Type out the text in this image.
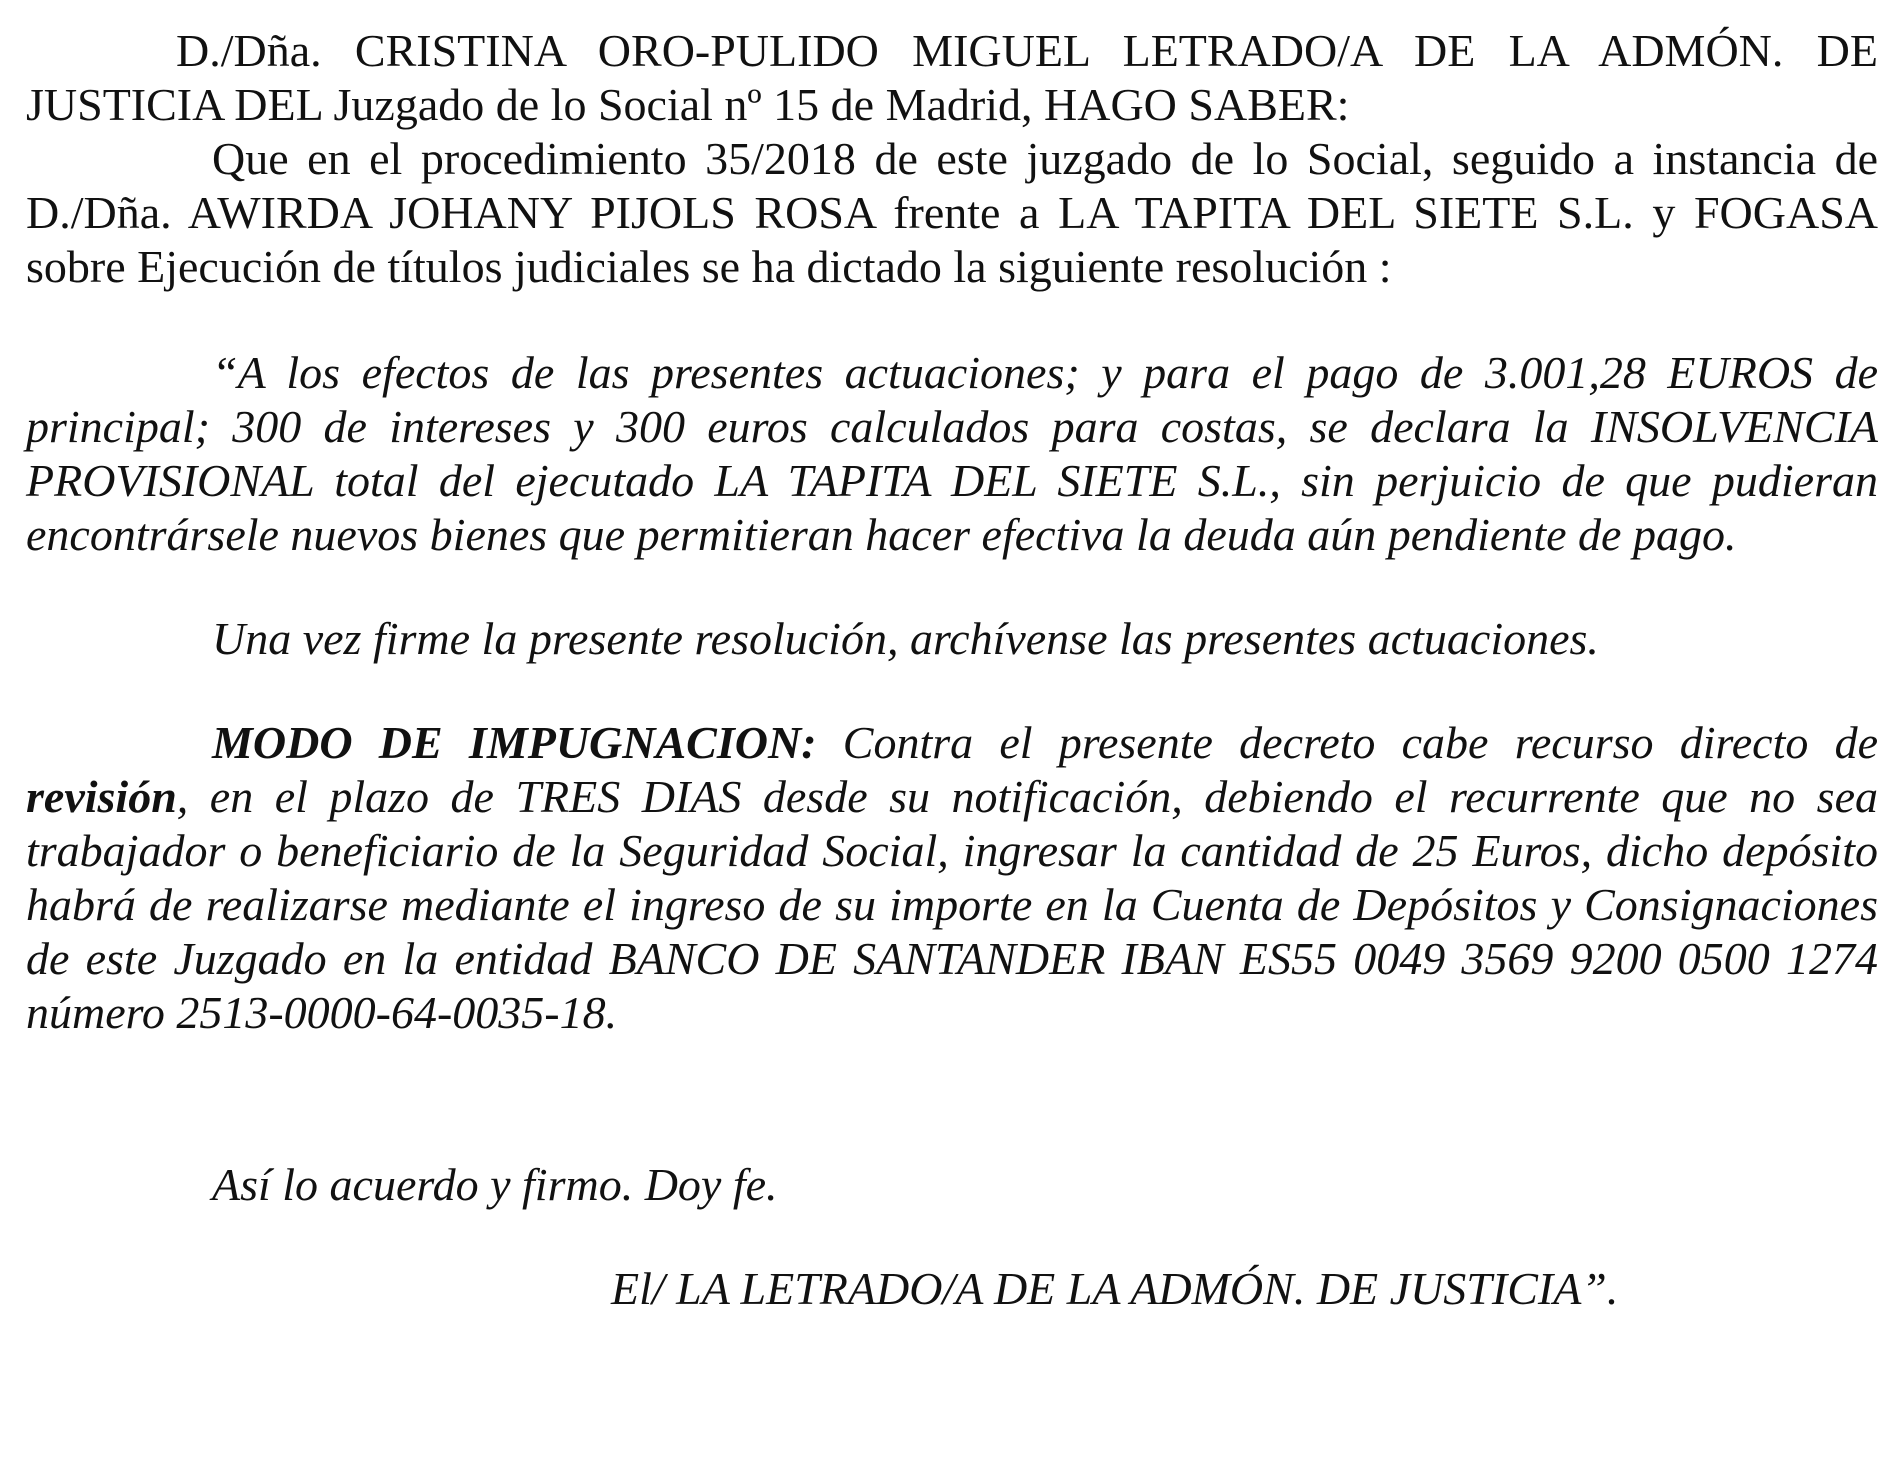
D./Dña. CRISTINA ORO-PULIDO MIGUEL LETRADO/A DE LA ADMÓN. DE JUSTICIA DEL Juzgado de lo Social nº 15 de Madrid, HAGO SABER:

Que en el procedimiento 35/2018 de este juzgado de lo Social, seguido a instancia de D./Dña. AWIRDA JOHANY PIJOLS ROSA frente a LA TAPITA DEL SIETE S.L. y FOGASA sobre Ejecución de títulos judiciales se ha dictado la siguiente resolución :

“A los efectos de las presentes actuaciones; y para el pago de 3.001,28 EUROS de principal; 300 de intereses y 300 euros calculados para costas, se declara la INSOLVENCIA PROVISIONAL total del ejecutado LA TAPITA DEL SIETE S.L., sin perjuicio de que pudieran encontrársele nuevos bienes que permitieran hacer efectiva la deuda aún pendiente de pago.

Una vez firme la presente resolución, archívense las presentes actuaciones.

MODO DE IMPUGNACION: Contra el presente decreto cabe recurso directo de revisión, en el plazo de TRES DIAS desde su notificación, debiendo el recurrente que no sea trabajador o beneficiario de la Seguridad Social, ingresar la cantidad de 25 Euros, dicho depósito habrá de realizarse mediante el ingreso de su importe en la Cuenta de Depósitos y Consignaciones de este Juzgado en la entidad BANCO DE SANTANDER IBAN ES55 0049 3569 9200 0500 1274 número 2513-0000-64-0035-18.

Así lo acuerdo y firmo. Doy fe.

El/ LA LETRADO/A DE LA ADMÓN. DE JUSTICIA”.
